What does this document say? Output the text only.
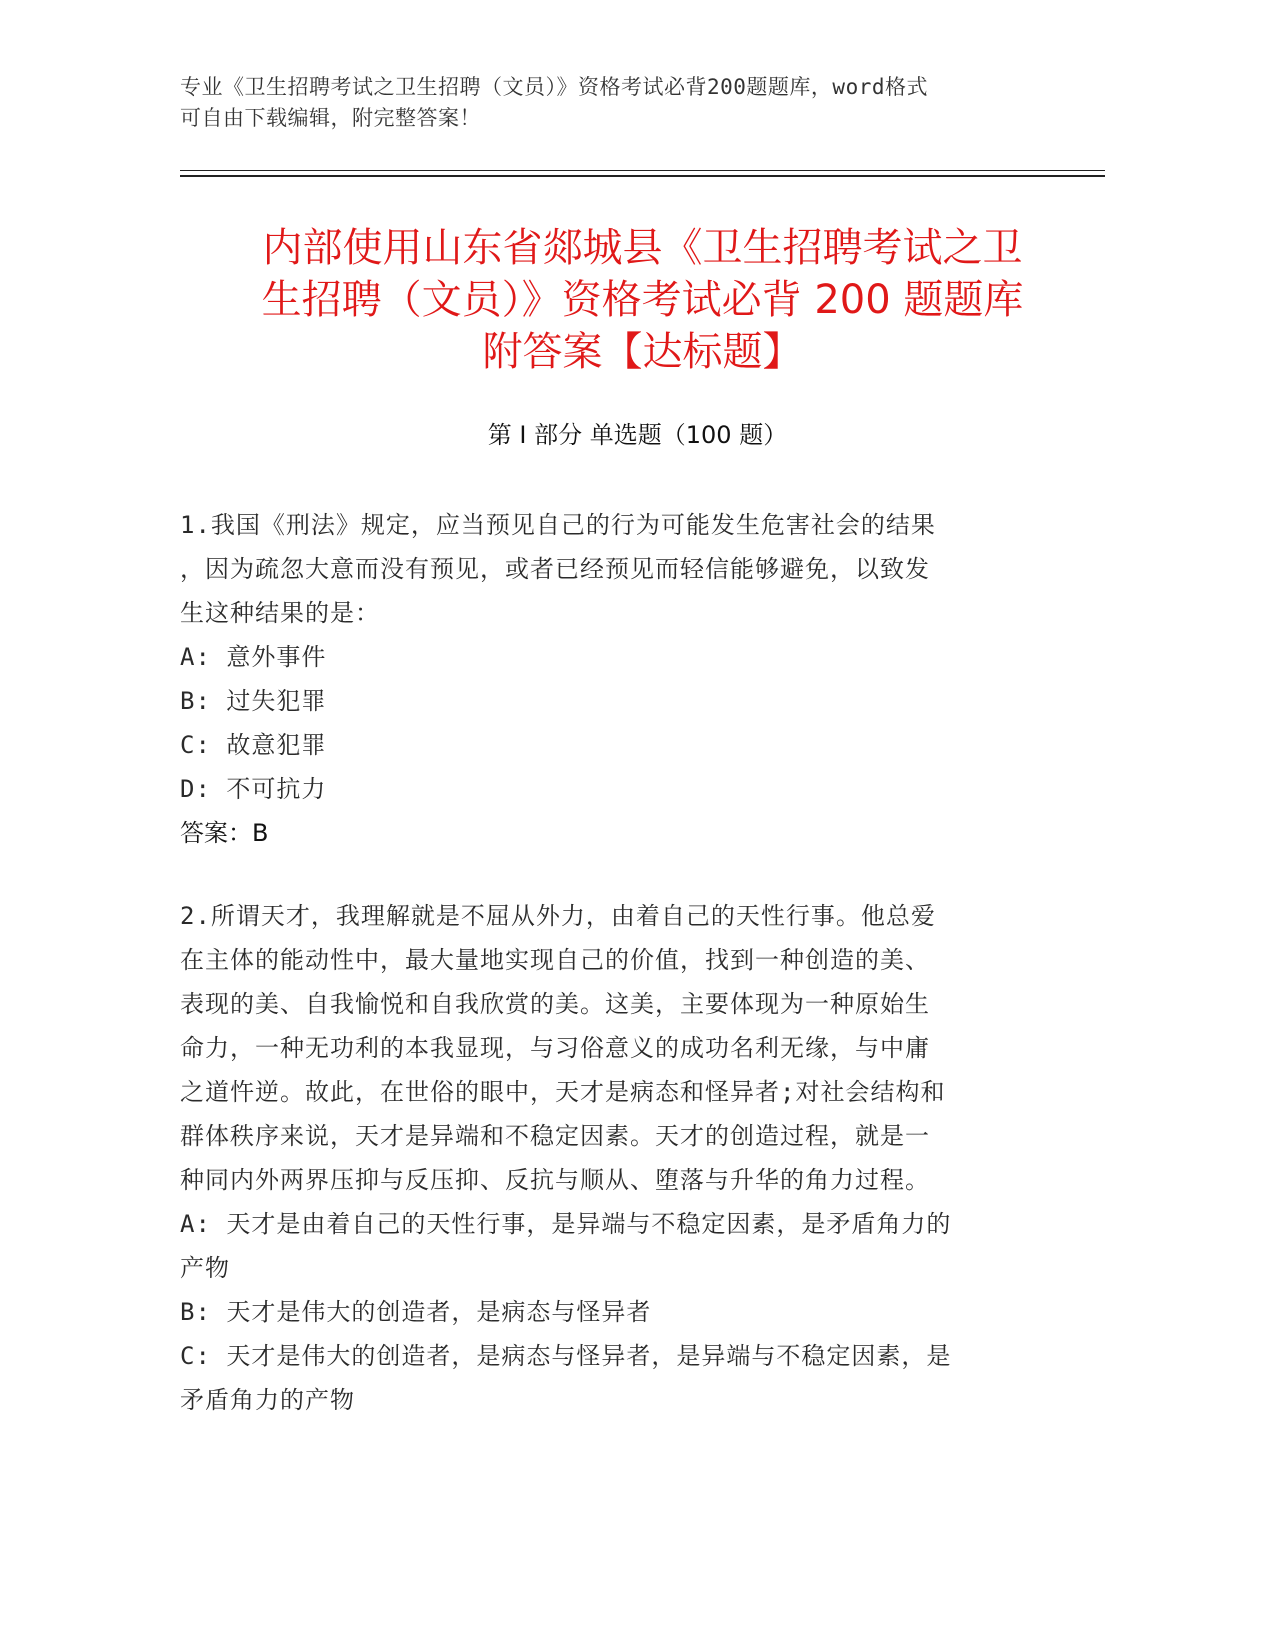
专业《卫生招聘考试之卫生招聘（文员）》资格考试必背200题题库，word格式

可自由下载编辑，附完整答案！

内部使用山东省郯城县《卫生招聘考试之卫
生招聘（文员）》资格考试必背 200 题题库
附答案【达标题】
第 I 部分 单选题（100 题）

1.我国《刑法》规定，应当预见自己的行为可能发生危害社会的结果

，因为疏忽大意而没有预见，或者已经预见而轻信能够避免，以致发

生这种结果的是：

A: 意外事件

B: 过失犯罪

C: 故意犯罪

D: 不可抗力

答案：B

2.所谓天才，我理解就是不屈从外力，由着自己的天性行事。他总爱

在主体的能动性中，最大量地实现自己的价值，找到一种创造的美、

表现的美、自我愉悦和自我欣赏的美。这美，主要体现为一种原始生

命力，一种无功利的本我显现，与习俗意义的成功名利无缘，与中庸

之道忤逆。故此，在世俗的眼中，天才是病态和怪异者;对社会结构和

群体秩序来说，天才是异端和不稳定因素。天才的创造过程，就是一

种同内外两界压抑与反压抑、反抗与顺从、堕落与升华的角力过程。

A: 天才是由着自己的天性行事，是异端与不稳定因素，是矛盾角力的

产物

B: 天才是伟大的创造者，是病态与怪异者

C: 天才是伟大的创造者，是病态与怪异者，是异端与不稳定因素，是

矛盾角力的产物
